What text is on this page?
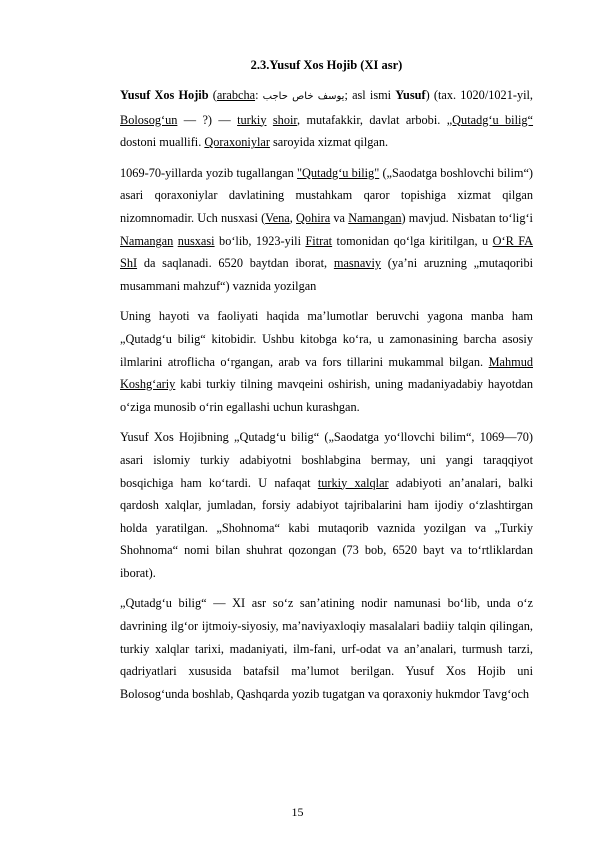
2.3.Yusuf Xos Hojib (XI asr)

Yusuf Xos Hojib (arabcha: يوسف خاص حاجب; asl ismi Yusuf) (tax. 1020/1021-yil, Bolosog‘un — ?) — turkiy shoir, mutafakkir, davlat arbobi. „Qutadg‘u bilig“ dostoni muallifi. Qoraxoniylar saroyida xizmat qilgan.

1069-70-yillarda yozib tugallangan "Qutadg‘u bilig" („Saodatga boshlovchi bilim“) asari qoraxoniylar davlatining mustahkam qaror topishiga xizmat qilgan nizomnomadir. Uch nusxasi (Vena, Qohira va Namangan) mavjud. Nisbatan to‘lig‘i Namangan nusxasi bo‘lib, 1923-yili Fitrat tomonidan qo‘lga kiritilgan, u O‘R FA ShI da saqlanadi. 6520 baytdan iborat, masnaviy (ya’ni aruzning „mutaqoribi musammani mahzuf“) vaznida yozilgan

Uning hayoti va faoliyati haqida ma’lumotlar beruvchi yagona manba ham „Qutadg‘u bilig“ kitobidir. Ushbu kitobga ko‘ra, u zamonasining barcha asosiy ilmlarini atroflicha o‘rgangan, arab va fors tillarini mukammal bilgan. Mahmud Koshg‘ariy kabi turkiy tilning mavqeini oshirish, uning madaniyadabiy hayotdan o‘ziga munosib o‘rin egallashi uchun kurashgan.

Yusuf Xos Hojibning „Qutadg‘u bilig“ („Saodatga yo‘llovchi bilim“, 1069—70) asari islomiy turkiy adabiyotni boshlabgina bermay, uni yangi taraqqiyot bosqichiga ham ko‘tardi. U nafaqat turkiy xalqlar adabiyoti an’analari, balki qardosh xalqlar, jumladan, forsiy adabiyot tajribalarini ham ijodiy o‘zlashtirgan holda yaratilgan. „Shohnoma“ kabi mutaqorib vaznida yozilgan va „Turkiy Shohnoma“ nomi bilan shuhrat qozongan (73 bob, 6520 bayt va to‘rtliklardan iborat).

„Qutadg‘u bilig“ — XI asr so‘z san’atining nodir namunasi bo‘lib, unda o‘z davrining ilg‘or ijtmoiy-siyosiy, ma’naviyaxloqiy masalalari badiiy talqin qilingan, turkiy xalqlar tarixi, madaniyati, ilm-fani, urf-odat va an’analari, turmush tarzi, qadriyatlari xususida batafsil ma’lumot berilgan. Yusuf Xos Hojib uni Bolosog‘unda boshlab, Qashqarda yozib tugatgan va qoraxoniy hukmdor Tavg‘och

15
